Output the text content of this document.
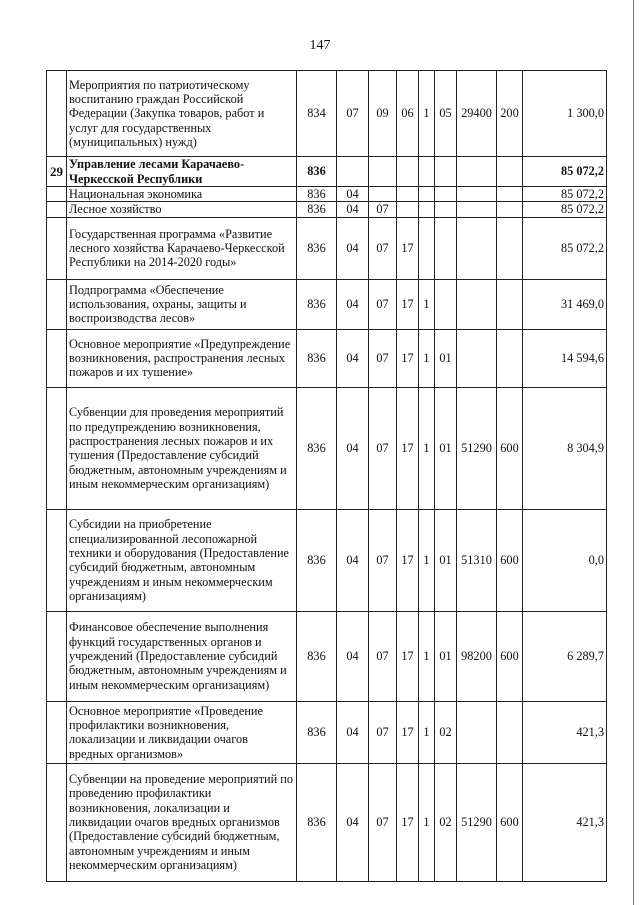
147
	Мероприятия по патриотическому воспитанию граждан Российской Федерации (Закупка товаров, работ и услуг для государственных (муниципальных) нужд)	834	07	09	06	1	05	29400	200	1 300,0
29	Управление лесами Карачаево-Черкесской Республики	836								85 072,2
	Национальная экономика	836	04							85 072,2
	Лесное хозяйство	836	04	07						85 072,2
	Государственная программа «Развитие лесного хозяйства Карачаево-Черкесской Республики на 2014-2020 годы»	836	04	07	17					85 072,2
	Подпрограмма «Обеспечение использования, охраны, защиты и воспроизводства лесов»	836	04	07	17	1				31 469,0
	Основное мероприятие «Предупреждение возникновения, распространения лесных пожаров и их тушение»	836	04	07	17	1	01			14 594,6
	Субвенции для проведения мероприятий по предупреждению возникновения, распространения лесных пожаров и их тушения (Предоставление субсидий бюджетным, автономным учреждениям и иным некоммерческим организациям)	836	04	07	17	1	01	51290	600	8 304,9
	Субсидии на приобретение специализированной лесопожарной техники и оборудования (Предоставление субсидий бюджетным, автономным учреждениям и иным некоммерческим организациям)	836	04	07	17	1	01	51310	600	0,0
	Финансовое обеспечение выполнения функций государственных органов и учреждений (Предоставление субсидий бюджетным, автономным учреждениям и иным некоммерческим организациям)	836	04	07	17	1	01	98200	600	6 289,7
	Основное мероприятие «Проведение профилактики возникновения, локализации и ликвидации очагов вредных организмов»	836	04	07	17	1	02			421,3
	Субвенции на проведение мероприятий по проведению профилактики возникновения, локализации и ликвидации очагов вредных организмов (Предоставление субсидий бюджетным, автономным учреждениям и иным некоммерческим организациям)	836	04	07	17	1	02	51290	600	421,3
